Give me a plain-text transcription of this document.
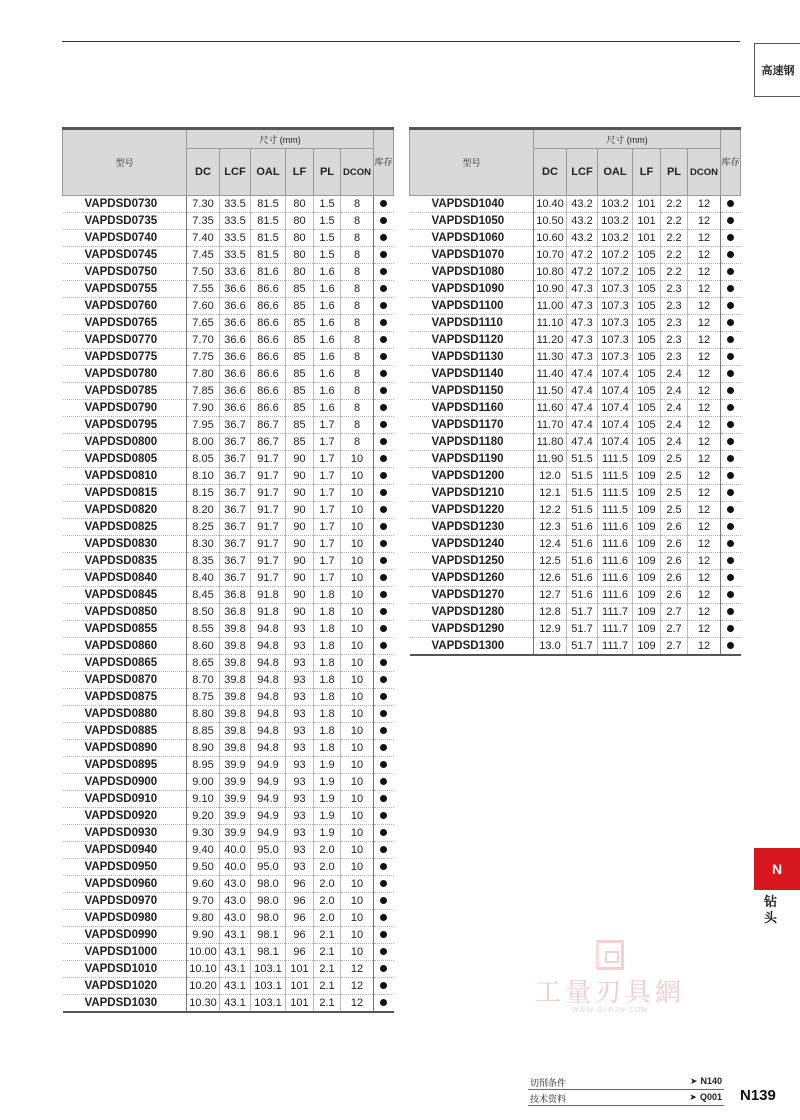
高速钢
型号	尺寸 (mm)						库存
	DC	LCF	OAL	LF	PL	DCON	
VAPDSD0730	7.30	33.5	81.5	80	1.5	8	
VAPDSD0735	7.35	33.5	81.5	80	1.5	8	
VAPDSD0740	7.40	33.5	81.5	80	1.5	8	
VAPDSD0745	7.45	33.5	81.5	80	1.5	8	
VAPDSD0750	7.50	33.6	81.6	80	1.6	8	
VAPDSD0755	7.55	36.6	86.6	85	1.6	8	
VAPDSD0760	7.60	36.6	86.6	85	1.6	8	
VAPDSD0765	7.65	36.6	86.6	85	1.6	8	
VAPDSD0770	7.70	36.6	86.6	85	1.6	8	
VAPDSD0775	7.75	36.6	86.6	85	1.6	8	
VAPDSD0780	7.80	36.6	86.6	85	1.6	8	
VAPDSD0785	7.85	36.6	86.6	85	1.6	8	
VAPDSD0790	7.90	36.6	86.6	85	1.6	8	
VAPDSD0795	7.95	36.7	86.7	85	1.7	8	
VAPDSD0800	8.00	36.7	86.7	85	1.7	8	
VAPDSD0805	8.05	36.7	91.7	90	1.7	10	
VAPDSD0810	8.10	36.7	91.7	90	1.7	10	
VAPDSD0815	8.15	36.7	91.7	90	1.7	10	
VAPDSD0820	8.20	36.7	91.7	90	1.7	10	
VAPDSD0825	8.25	36.7	91.7	90	1.7	10	
VAPDSD0830	8.30	36.7	91.7	90	1.7	10	
VAPDSD0835	8.35	36.7	91.7	90	1.7	10	
VAPDSD0840	8.40	36.7	91.7	90	1.7	10	
VAPDSD0845	8.45	36.8	91.8	90	1.8	10	
VAPDSD0850	8.50	36.8	91.8	90	1.8	10	
VAPDSD0855	8.55	39.8	94.8	93	1.8	10	
VAPDSD0860	8.60	39.8	94.8	93	1.8	10	
VAPDSD0865	8.65	39.8	94.8	93	1.8	10	
VAPDSD0870	8.70	39.8	94.8	93	1.8	10	
VAPDSD0875	8.75	39.8	94.8	93	1.8	10	
VAPDSD0880	8.80	39.8	94.8	93	1.8	10	
VAPDSD0885	8.85	39.8	94.8	93	1.8	10	
VAPDSD0890	8.90	39.8	94.8	93	1.8	10	
VAPDSD0895	8.95	39.9	94.9	93	1.9	10	
VAPDSD0900	9.00	39.9	94.9	93	1.9	10	
VAPDSD0910	9.10	39.9	94.9	93	1.9	10	
VAPDSD0920	9.20	39.9	94.9	93	1.9	10	
VAPDSD0930	9.30	39.9	94.9	93	1.9	10	
VAPDSD0940	9.40	40.0	95.0	93	2.0	10	
VAPDSD0950	9.50	40.0	95.0	93	2.0	10	
VAPDSD0960	9.60	43.0	98.0	96	2.0	10	
VAPDSD0970	9.70	43.0	98.0	96	2.0	10	
VAPDSD0980	9.80	43.0	98.0	96	2.0	10	
VAPDSD0990	9.90	43.1	98.1	96	2.1	10	
VAPDSD1000	10.00	43.1	98.1	96	2.1	10	
VAPDSD1010	10.10	43.1	103.1	101	2.1	12	
VAPDSD1020	10.20	43.1	103.1	101	2.1	12	
VAPDSD1030	10.30	43.1	103.1	101	2.1	12	
型号	尺寸 (mm)						库存
	DC	LCF	OAL	LF	PL	DCON	
VAPDSD1040	10.40	43.2	103.2	101	2.2	12	
VAPDSD1050	10.50	43.2	103.2	101	2.2	12	
VAPDSD1060	10.60	43.2	103.2	101	2.2	12	
VAPDSD1070	10.70	47.2	107.2	105	2.2	12	
VAPDSD1080	10.80	47.2	107.2	105	2.2	12	
VAPDSD1090	10.90	47.3	107.3	105	2.3	12	
VAPDSD1100	11.00	47.3	107.3	105	2.3	12	
VAPDSD1110	11.10	47.3	107.3	105	2.3	12	
VAPDSD1120	11.20	47.3	107.3	105	2.3	12	
VAPDSD1130	11.30	47.3	107.3	105	2.3	12	
VAPDSD1140	11.40	47.4	107.4	105	2.4	12	
VAPDSD1150	11.50	47.4	107.4	105	2.4	12	
VAPDSD1160	11.60	47.4	107.4	105	2.4	12	
VAPDSD1170	11.70	47.4	107.4	105	2.4	12	
VAPDSD1180	11.80	47.4	107.4	105	2.4	12	
VAPDSD1190	11.90	51.5	111.5	109	2.5	12	
VAPDSD1200	12.0	51.5	111.5	109	2.5	12	
VAPDSD1210	12.1	51.5	111.5	109	2.5	12	
VAPDSD1220	12.2	51.5	111.5	109	2.5	12	
VAPDSD1230	12.3	51.6	111.6	109	2.6	12	
VAPDSD1240	12.4	51.6	111.6	109	2.6	12	
VAPDSD1250	12.5	51.6	111.6	109	2.6	12	
VAPDSD1260	12.6	51.6	111.6	109	2.6	12	
VAPDSD1270	12.7	51.6	111.6	109	2.6	12	
VAPDSD1280	12.8	51.7	111.7	109	2.7	12	
VAPDSD1290	12.9	51.7	111.7	109	2.7	12	
VAPDSD1300	13.0	51.7	111.7	109	2.7	12	
N
钻头
工量刃具網
WWW.GLRJW.COM
切削条件	➤ N140
技术资料	➤ Q001 N139
